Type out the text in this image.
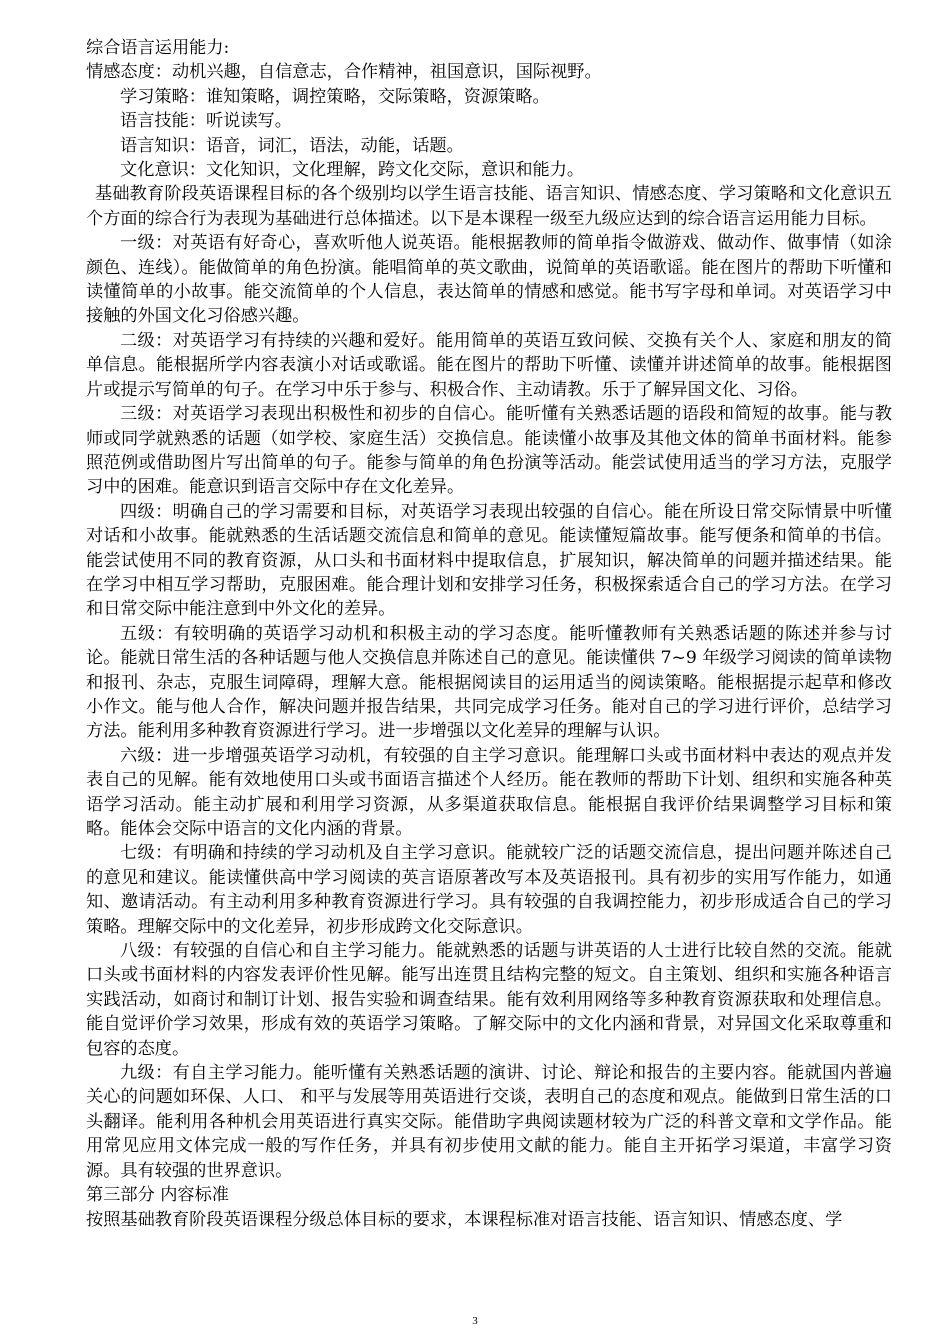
综合语言运用能力:
情感态度：动机兴趣，自信意志，合作精神，祖国意识，国际视野。
学习策略：谁知策略，调控策略，交际策略，资源策略。
语言技能：听说读写。
语言知识：语音，词汇，语法，动能，话题。
文化意识：文化知识，文化理解，跨文化交际，意识和能力。

基础教育阶段英语课程目标的各个级别均以学生语言技能、语言知识、情感态度、学习策略和文化意识五个方面的综合行为表现为基础进行总体描述。以下是本课程一级至九级应达到的综合语言运用能力目标。

一级：对英语有好奇心，喜欢听他人说英语。能根据教师的简单指令做游戏、做动作、做事情（如涂颜色、连线）。能做简单的角色扮演。能唱简单的英文歌曲，说简单的英语歌谣。能在图片的帮助下听懂和读懂简单的小故事。能交流简单的个人信息，表达简单的情感和感觉。能书写字母和单词。对英语学习中接触的外国文化习俗感兴趣。

二级：对英语学习有持续的兴趣和爱好。能用简单的英语互致问候、交换有关个人、家庭和朋友的简单信息。能根据所学内容表演小对话或歌谣。能在图片的帮助下听懂、读懂并讲述简单的故事。能根据图片或提示写简单的句子。在学习中乐于参与、积极合作、主动请教。乐于了解异国文化、习俗。

三级：对英语学习表现出积极性和初步的自信心。能听懂有关熟悉话题的语段和简短的故事。能与教师或同学就熟悉的话题（如学校、家庭生活）交换信息。能读懂小故事及其他文体的简单书面材料。能参照范例或借助图片写出简单的句子。能参与简单的角色扮演等活动。能尝试使用适当的学习方法，克服学习中的困难。能意识到语言交际中存在文化差异。

四级：明确自己的学习需要和目标，对英语学习表现出较强的自信心。能在所设日常交际情景中听懂对话和小故事。能就熟悉的生活话题交流信息和简单的意见。能读懂短篇故事。能写便条和简单的书信。能尝试使用不同的教育资源，从口头和书面材料中提取信息，扩展知识，解决简单的问题并描述结果。能在学习中相互学习帮助，克服困难。能合理计划和安排学习任务，积极探索适合自己的学习方法。在学习和日常交际中能注意到中外文化的差异。

五级：有较明确的英语学习动机和积极主动的学习态度。能听懂教师有关熟悉话题的陈述并参与讨论。能就日常生活的各种话题与他人交换信息并陈述自己的意见。能读懂供 7~9 年级学习阅读的简单读物和报刊、杂志，克服生词障碍，理解大意。能根据阅读目的运用适当的阅读策略。能根据提示起草和修改小作文。能与他人合作，解决问题并报告结果，共同完成学习任务。能对自己的学习进行评价，总结学习方法。能利用多种教育资源进行学习。进一步增强以文化差异的理解与认识。

六级：进一步增强英语学习动机，有较强的自主学习意识。能理解口头或书面材料中表达的观点并发表自己的见解。能有效地使用口头或书面语言描述个人经历。能在教师的帮助下计划、组织和实施各种英语学习活动。能主动扩展和利用学习资源，从多渠道获取信息。能根据自我评价结果调整学习目标和策略。能体会交际中语言的文化内涵的背景。

七级：有明确和持续的学习动机及自主学习意识。能就较广泛的话题交流信息，提出问题并陈述自己的意见和建议。能读懂供高中学习阅读的英言语原著改写本及英语报刊。具有初步的实用写作能力，如通知、邀请活动。有主动利用多种教育资源进行学习。具有较强的自我调控能力，初步形成适合自己的学习策略。理解交际中的文化差异，初步形成跨文化交际意识。

八级：有较强的自信心和自主学习能力。能就熟悉的话题与讲英语的人士进行比较自然的交流。能就口头或书面材料的内容发表评价性见解。能写出连贯且结构完整的短文。自主策划、组织和实施各种语言实践活动，如商讨和制订计划、报告实验和调查结果。能有效利用网络等多种教育资源获取和处理信息。能自觉评价学习效果，形成有效的英语学习策略。了解交际中的文化内涵和背景，对异国文化采取尊重和包容的态度。

九级：有自主学习能力。能听懂有关熟悉话题的演讲、讨论、辩论和报告的主要内容。能就国内普遍关心的问题如环保、人口、 和平与发展等用英语进行交谈，表明自己的态度和观点。能做到日常生活的口头翻译。能利用各种机会用英语进行真实交际。能借助字典阅读题材较为广泛的科普文章和文学作品。能用常见应用文体完成一般的写作任务，并具有初步使用文献的能力。能自主开拓学习渠道，丰富学习资源。具有较强的世界意识。

第三部分 内容标准

按照基础教育阶段英语课程分级总体目标的要求，本课程标准对语言技能、语言知识、情感态度、学

3
